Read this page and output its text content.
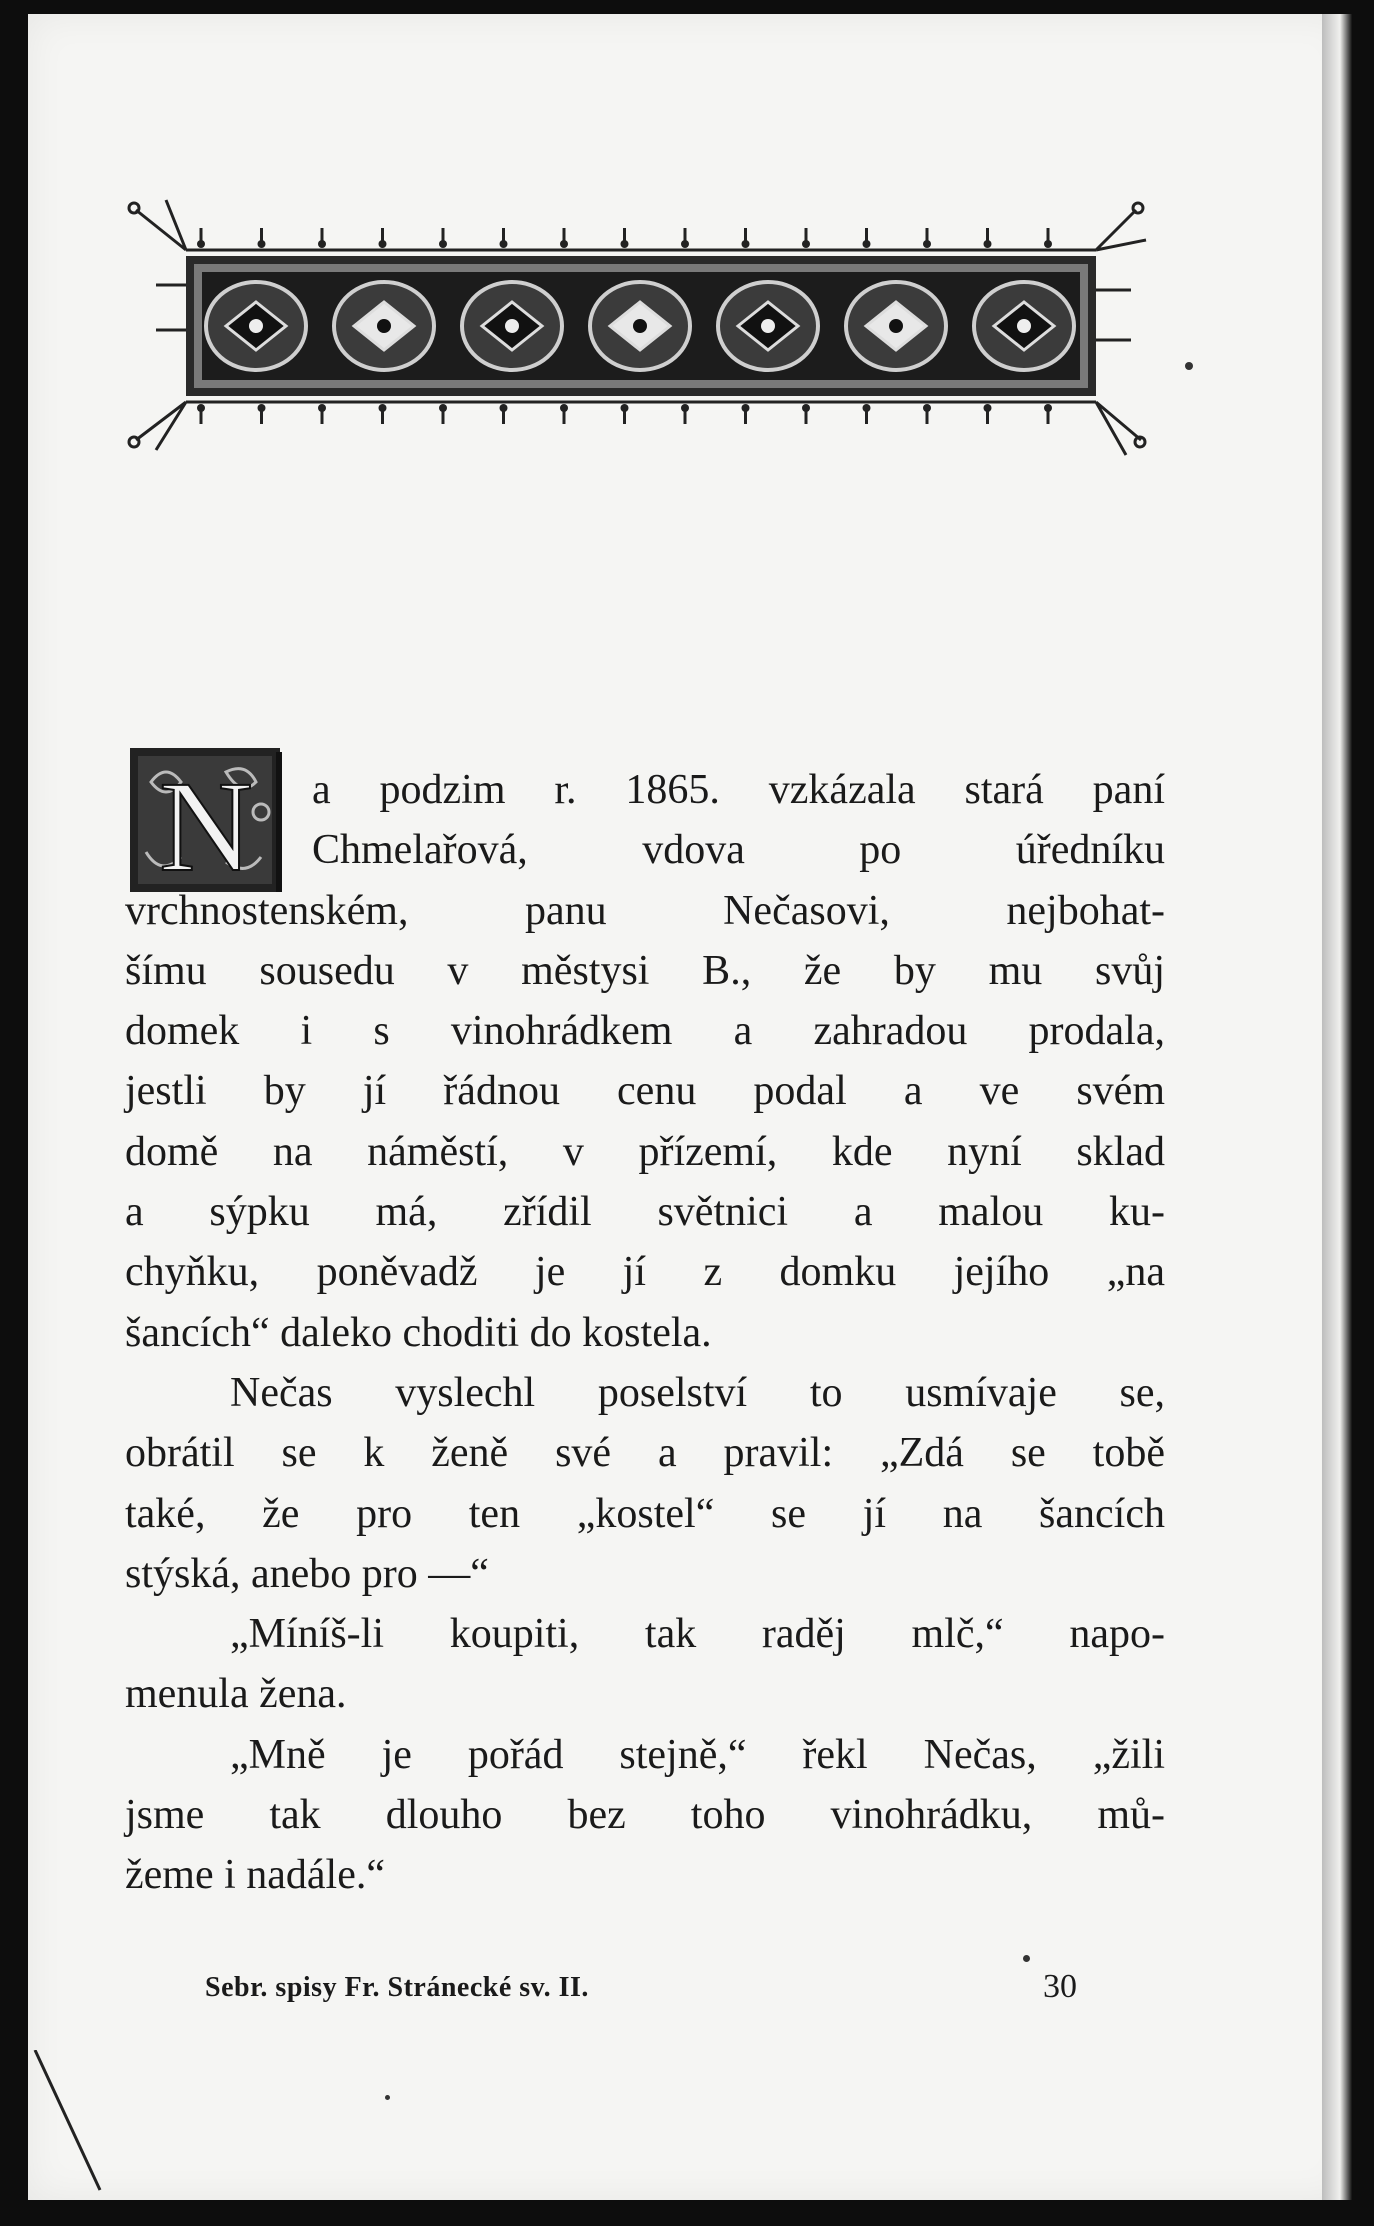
N	a podzim r. 1865. vzkázala stará paní
Chmelařová, vdova po úředníku
vrchnostenském, panu Nečasovi, nejbohat-
šímu sousedu v městysi B., že by mu svůj
domek i s vinohrádkem a zahradou prodala,
jestli by jí řádnou cenu podal a ve svém
domě na náměstí, v přízemí, kde nyní sklad
a sýpku má, zřídil světnici a malou ku-
chyňku, poněvadž je jí z domku jejího „na
šancích“ daleko choditi do kostela.
Nečas vyslechl poselství to usmívaje se,
obrátil se k ženě své a pravil: „Zdá se tobě
také, že pro ten „kostel“ se jí na šancích
stýská, anebo pro —“
„Míníš-li koupiti, tak raděj mlč,“ napo-
menula žena.
„Mně je pořád stejně,“ řekl Nečas, „žili
jsme tak dlouho bez toho vinohrádku, mů-
žeme i nadále.“
Sebr. spisy Fr. Stránecké sv. II.	30
